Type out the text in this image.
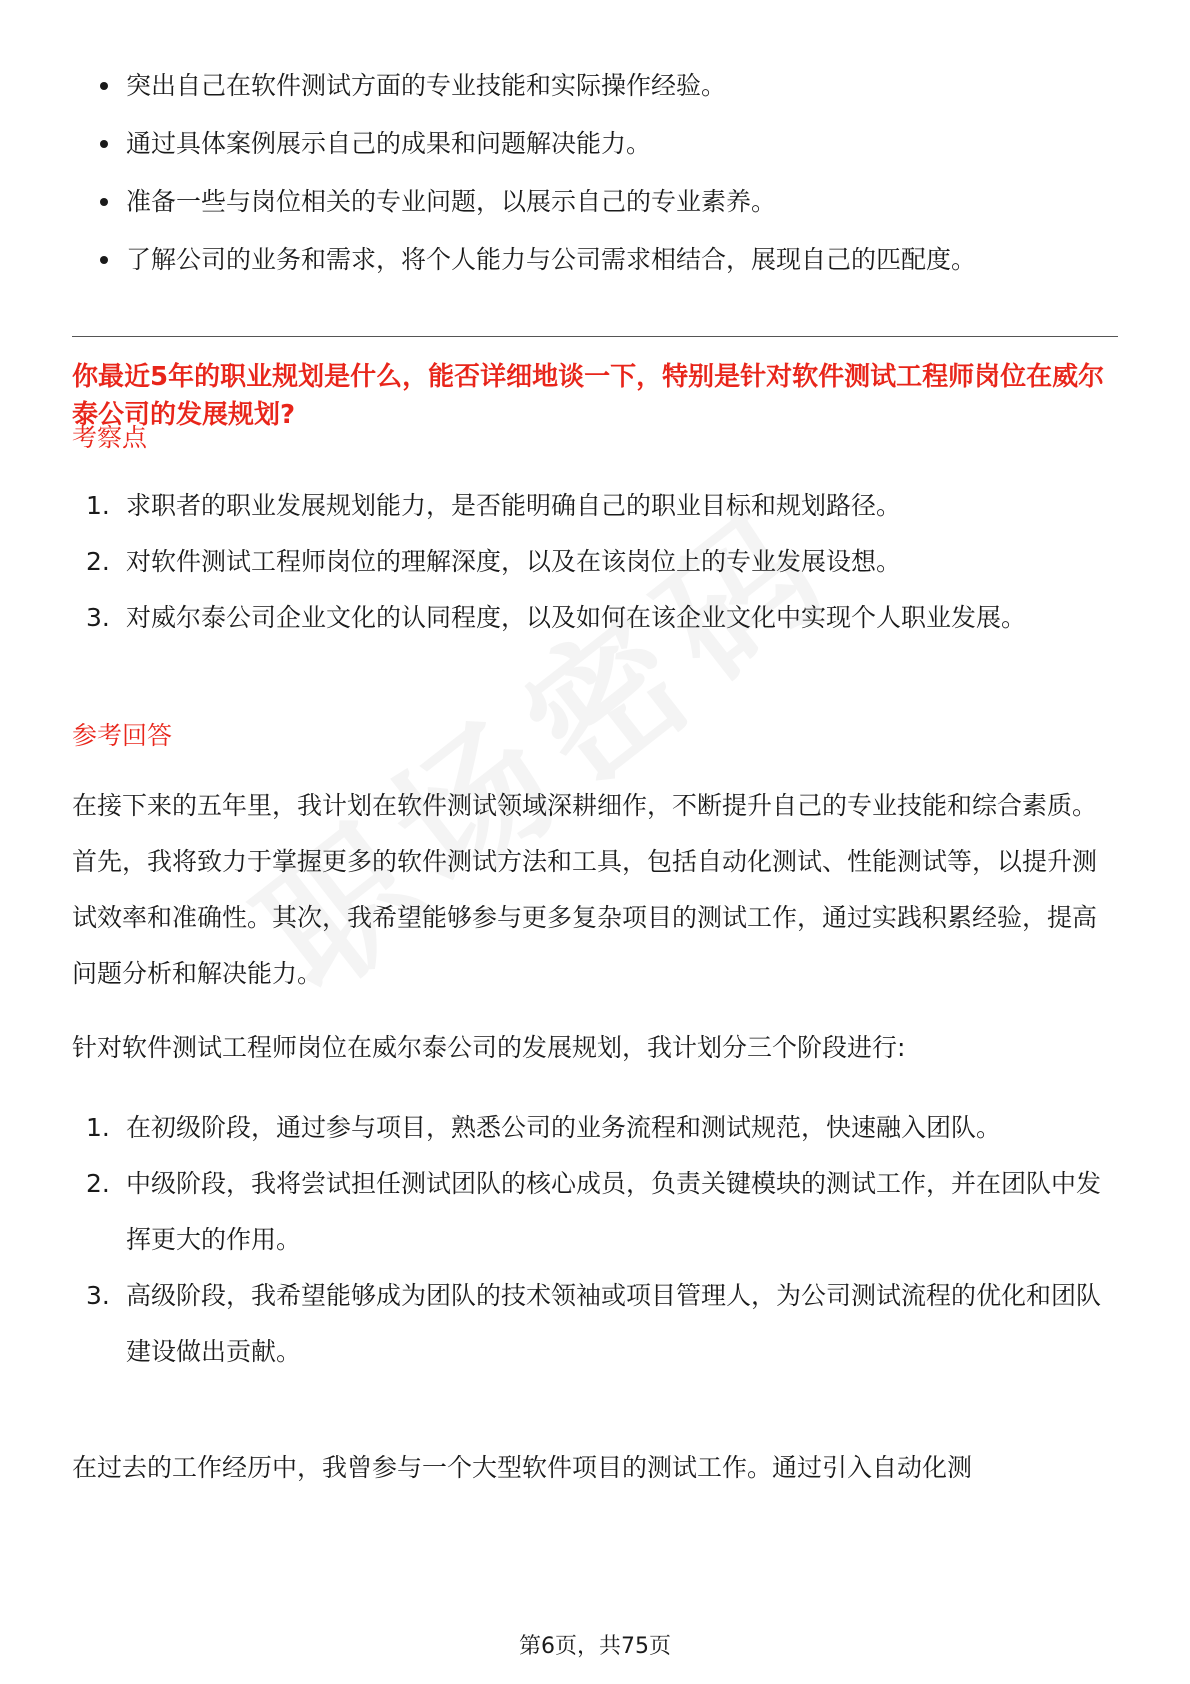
突出自己在软件测试方面的专业技能和实际操作经验。
通过具体案例展示自己的成果和问题解决能力。
准备一些与岗位相关的专业问题，以展示自己的专业素养。
了解公司的业务和需求，将个人能力与公司需求相结合，展现自己的匹配度。
你最近5年的职业规划是什么，能否详细地谈一下，特别是针对软件测试工程师岗位在威尔泰公司的发展规划?
考察点
1. 求职者的职业发展规划能力，是否能明确自己的职业目标和规划路径。
2. 对软件测试工程师岗位的理解深度，以及在该岗位上的专业发展设想。
3. 对威尔泰公司企业文化的认同程度，以及如何在该企业文化中实现个人职业发展。
参考回答
在接下来的五年里，我计划在软件测试领域深耕细作，不断提升自己的专业技能和综合素质。首先，我将致力于掌握更多的软件测试方法和工具，包括自动化测试、性能测试等，以提升测试效率和准确性。其次，我希望能够参与更多复杂项目的测试工作，通过实践积累经验，提高问题分析和解决能力。
针对软件测试工程师岗位在威尔泰公司的发展规划，我计划分三个阶段进行:
1. 在初级阶段，通过参与项目，熟悉公司的业务流程和测试规范，快速融入团队。
2. 中级阶段，我将尝试担任测试团队的核心成员，负责关键模块的测试工作，并在团队中发挥更大的作用。
3. 高级阶段，我希望能够成为团队的技术领袖或项目管理人，为公司测试流程的优化和团队建设做出贡献。
在过去的工作经历中，我曾参与一个大型软件项目的测试工作。通过引入自动化测
第6页，共75页
